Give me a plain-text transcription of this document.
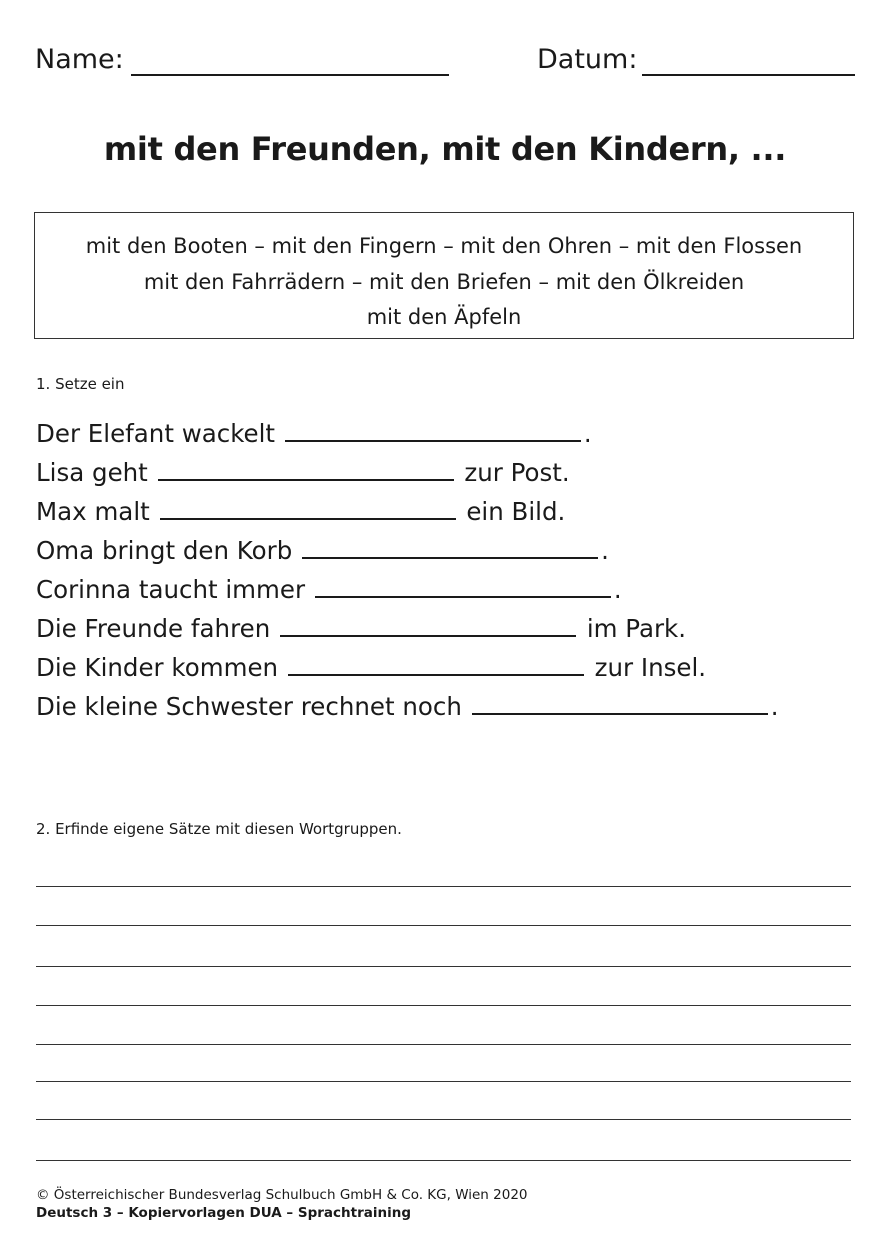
Name:	Datum:
mit den Freunden, mit den Kindern, ...
mit den Booten – mit den Fingern – mit den Ohren – mit den Flossen
mit den Fahrrädern – mit den Briefen – mit den Ölkreiden
mit den Äpfeln
1. Setze ein
Der Elefant wackelt	.
Lisa geht	zur Post.
Max malt	ein Bild.
Oma bringt den Korb	.
Corinna taucht immer	.
Die Freunde fahren	im Park.
Die Kinder kommen	zur Insel.
Die kleine Schwester rechnet noch	.
2. Erfinde eigene Sätze mit diesen Wortgruppen.
© Österreichischer Bundesverlag Schulbuch GmbH & Co. KG, Wien 2020
Deutsch 3 – Kopiervorlagen DUA – Sprachtraining
